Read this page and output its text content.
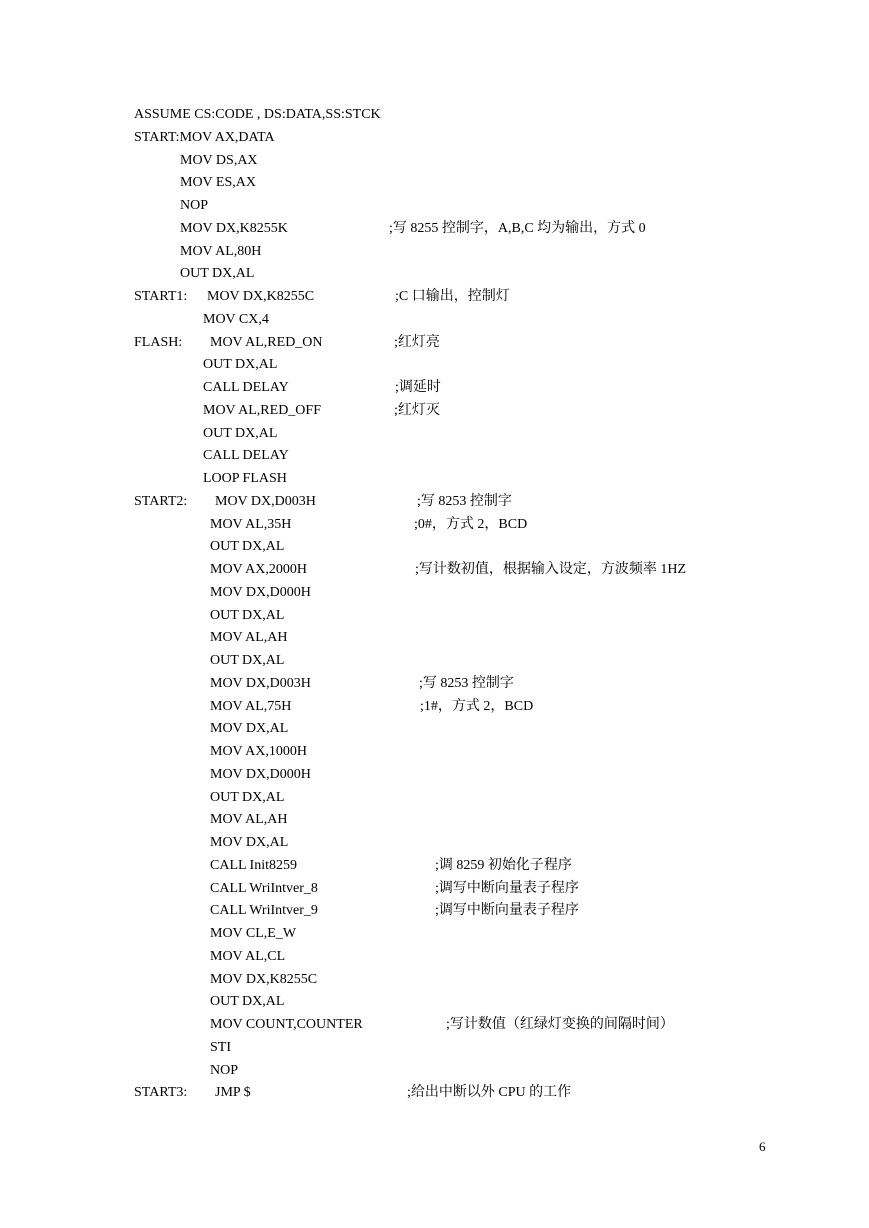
ASSUME CS:CODE , DS:DATA,SS:STCK
START:MOV AX,DATA
MOV DS,AX
MOV ES,AX
NOP
MOV DX,K8255K	;写 8255 控制字，A,B,C 均为输出，方式 0
MOV AL,80H
OUT DX,AL
START1: MOV DX,K8255C	;C 口输出，控制灯
MOV CX,4
FLASH: MOV AL,RED_ON	;红灯亮
OUT DX,AL
CALL DELAY	;调延时
MOV AL,RED_OFF	;红灯灭
OUT DX,AL
CALL DELAY
LOOP FLASH
START2: MOV DX,D003H	;写 8253 控制字
MOV AL,35H	;0#，方式 2，BCD
OUT DX,AL
MOV AX,2000H	;写计数初值，根据输入设定，方波频率 1HZ
MOV DX,D000H
OUT DX,AL
MOV AL,AH
OUT DX,AL
MOV DX,D003H	;写 8253 控制字
MOV AL,75H	;1#，方式 2，BCD
MOV DX,AL
MOV AX,1000H
MOV DX,D000H
OUT DX,AL
MOV AL,AH
MOV DX,AL
CALL Init8259	;调 8259 初始化子程序
CALL WriIntver_8	;调写中断向量表子程序
CALL WriIntver_9	;调写中断向量表子程序
MOV CL,E_W
MOV AL,CL
MOV DX,K8255C
OUT DX,AL
MOV COUNT,COUNTER	;写计数值（红绿灯变换的间隔时间）
STI
NOP
START3: JMP $	;给出中断以外 CPU 的工作
6
